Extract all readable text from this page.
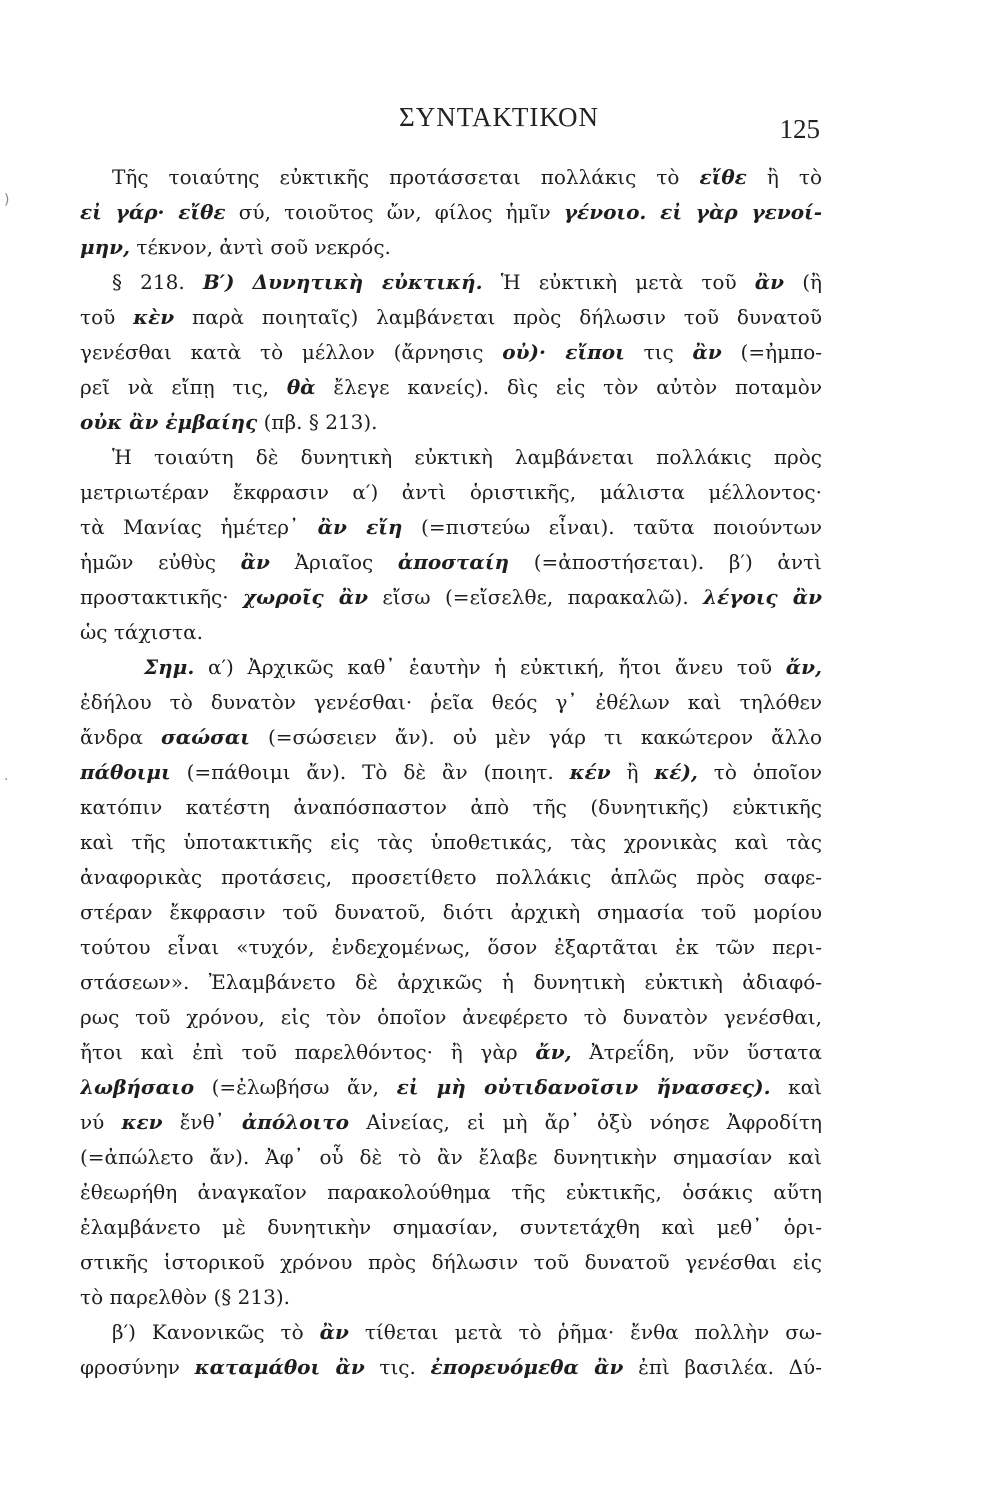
ΣΥΝΤΑΚΤΙΚΟΝ	125
)
·
Τῆς τοιαύτης εὐκτικῆς προτάσσεται πολλάκις τὸ εἴθε ἢ τὸ
εἰ γάρ· εἴθε σύ, τοιοῦτος ὤν, φίλος ἡμῖν γένοιο. εἰ γὰρ γενοί-
μην, τέκνον, ἀντὶ σοῦ νεκρός.
§ 218. Β′) Δυνητικὴ εὐκτική. Ἡ εὐκτικὴ μετὰ τοῦ ἂν (ἢ
τοῦ κὲν παρὰ ποιηταῖς) λαμβάνεται πρὸς δήλωσιν τοῦ δυνατοῦ
γενέσθαι κατὰ τὸ μέλλον (ἄρνησις οὐ)· εἴποι τις ἂν (=ἠμπο-
ρεῖ νὰ εἴπῃ τις, θὰ ἔλεγε κανείς). δὶς εἰς τὸν αὐτὸν ποταμὸν
οὐκ ἂν ἐμβαίης (πβ. § 213).
Ἡ τοιαύτη δὲ δυνητικὴ εὐκτικὴ λαμβάνεται πολλάκις πρὸς
μετριωτέραν ἔκφρασιν α′) ἀντὶ ὁριστικῆς, μάλιστα μέλλοντος·
τὰ Μανίας ἡμέτερ᾽ ἂν εἴη (=πιστεύω εἶναι). ταῦτα ποιούντων
ἡμῶν εὐθὺς ἂν Ἀριαῖος ἀποσταίη (=ἀποστήσεται). β′) ἀντὶ
προστακτικῆς· χωροῖς ἂν εἴσω (=εἴσελθε, παρακαλῶ). λέγοις ἂν
ὡς τάχιστα.
Σημ. α′) Ἀρχικῶς καθ᾽ ἑαυτὴν ἡ εὐκτική, ἤτοι ἄνευ τοῦ ἄν,
ἐδήλου τὸ δυνατὸν γενέσθαι· ῥεῖα θεός γ᾽ ἐθέλων καὶ τηλόθεν
ἄνδρα σαώσαι (=σώσειεν ἄν). οὐ μὲν γάρ τι κακώτερον ἄλλο
πάθοιμι (=πάθοιμι ἄν). Τὸ δὲ ἂν (ποιητ. κέν ἢ κέ), τὸ ὁποῖον
κατόπιν κατέστη ἀναπόσπαστον ἀπὸ τῆς (δυνητικῆς) εὐκτικῆς
καὶ τῆς ὑποτακτικῆς εἰς τὰς ὑποθετικάς, τὰς χρονικὰς καὶ τὰς
ἀναφορικὰς προτάσεις, προσετίθετο πολλάκις ἁπλῶς πρὸς σαφε-
στέραν ἔκφρασιν τοῦ δυνατοῦ, διότι ἀρχικὴ σημασία τοῦ μορίου
τούτου εἶναι «τυχόν, ἐνδεχομένως, ὅσον ἐξαρτᾶται ἐκ τῶν περι-
στάσεων». Ἐλαμβάνετο δὲ ἀρχικῶς ἡ δυνητικὴ εὐκτικὴ ἀδιαφό-
ρως τοῦ χρόνου, εἰς τὸν ὁποῖον ἀνεφέρετο τὸ δυνατὸν γενέσθαι,
ἤτοι καὶ ἐπὶ τοῦ παρελθόντος· ἢ γὰρ ἄν, Ἀτρεΐδη, νῦν ὕστατα
λωβήσαιο (=ἐλωβήσω ἄν, εἰ μὴ οὐτιδανοῖσιν ἤνασσες). καὶ
νύ κεν ἔνθ᾽ ἀπόλοιτο Αἰνείας, εἰ μὴ ἄρ᾽ ὀξὺ νόησε Ἀφροδίτη
(=ἀπώλετο ἄν). Ἀφ᾽ οὗ δὲ τὸ ἂν ἔλαβε δυνητικὴν σημασίαν καὶ
ἐθεωρήθη ἀναγκαῖον παρακολούθημα τῆς εὐκτικῆς, ὁσάκις αὕτη
ἐλαμβάνετο μὲ δυνητικὴν σημασίαν, συντετάχθη καὶ μεθ᾽ ὁρι-
στικῆς ἱστορικοῦ χρόνου πρὸς δήλωσιν τοῦ δυνατοῦ γενέσθαι εἰς
τὸ παρελθὸν (§ 213).
β′) Κανονικῶς τὸ ἂν τίθεται μετὰ τὸ ῥῆμα· ἔνθα πολλὴν σω-
φροσύνην καταμάθοι ἂν τις. ἐπορευόμεθα ἂν ἐπὶ βασιλέα. Δύ-
